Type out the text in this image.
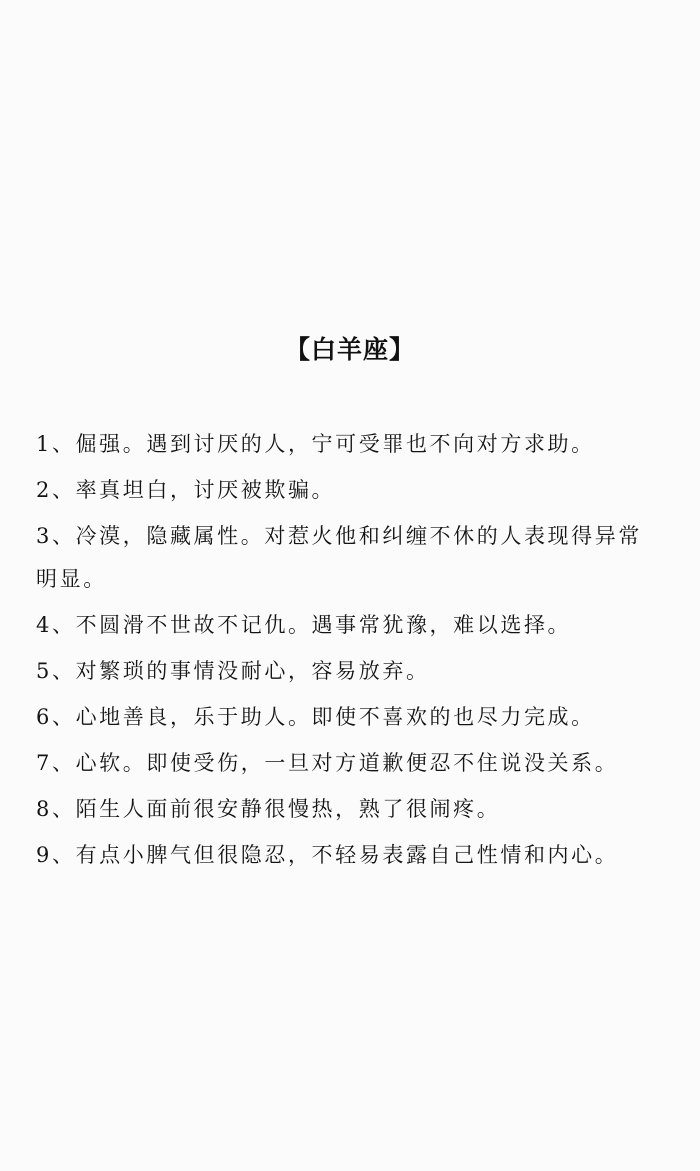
【白羊座】
1、倔强。遇到讨厌的人，宁可受罪也不向对方求助。
2、率真坦白，讨厌被欺骗。
3、冷漠，隐藏属性。对惹火他和纠缠不休的人表现得异常明显。
4、不圆滑不世故不记仇。遇事常犹豫，难以选择。
5、对繁琐的事情没耐心，容易放弃。
6、心地善良，乐于助人。即使不喜欢的也尽力完成。
7、心软。即使受伤，一旦对方道歉便忍不住说没关系。
8、陌生人面前很安静很慢热，熟了很闹疼。
9、有点小脾气但很隐忍，不轻易表露自己性情和内心。
